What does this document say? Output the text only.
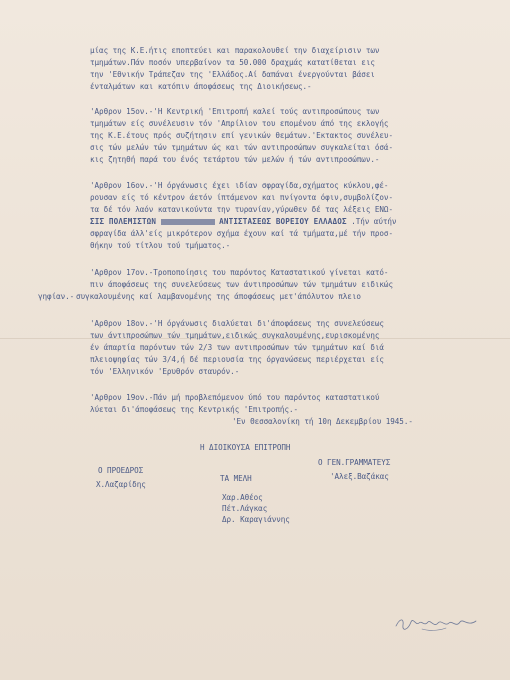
μίας της Κ.Ε.ήτις εποπτεύει και παρακολουθεί την διαχείρισιν των
τμημάτων.Πάν ποσόν υπερβαίνον τα 50.000 δραχμάς κατατίθεται εις
την 'Εθνικήν Τράπεζαν της 'Ελλάδος.Αί δαπάναι ένεργούνται βάσει
ένταλμάτων και κατόπιν άποφάσεως της Διοικήσεως.-
'Αρθρον 15ον.-'Η Κεντρική 'Επιτροπή καλεί τούς αντιπροσώπους των
τμημάτων είς συνέλευσιν τόν 'Απρίλιον του επομένου άπό της εκλογής
της Κ.Ε.έτους πρός συζήτησιν επί γενικών θεμάτων.'Εκτακτος συνέλευ-
σις τών μελών τών τμημάτων ώς και τών αντιπροσώπων συγκαλείται όσά-
κις ζητηθή παρά του ένός τετάρτου τών μελών ή τών αντιπροσώπων.-
'Αρθρον 16ον.-'Η όργάνωσις έχει ιδίαν σφραγίδα,σχήματος κύκλου,φέ-
ρουσαν είς τό κέντρον άετόν ίπτάμενον και πνίγοντα όφιν,συμβολίζον-
τα δέ τόν λαόν κατανικούντα την τυρανίαν,γύρωθεν δέ τας λέξεις ΕΝΩ-
ΣΙΣ ΠΟΛΕΜΙΣΤΩΝ	ΑΝΤΙΣΤΑΣΕΩΣ ΒΟΡΕΙΟΥ ΕΛΛΑΔΟΣ .Τήν αύτήν
σφραγίδα άλλ'είς μικρότερον σχήμα έχουν καί τά τμήματα,μέ τήν προσ-
θήκην τού τίτλου τού τμήματος.-
'Αρθρον 17ον.-Τροποποίησις του παρόντος Καταστατικού γίνεται κατό-
πιν άποφάσεως της συνελεύσεως των άντιπροσώπων τών τμημάτων ειδικώς
γηφίαν.- συγκαλουμένης καί λαμβανομένης της άποφάσεως μετ'άπόλυτον πλειο
'Αρθρον 18ον.-'Η όργάνωσις διαλύεται δι'άποφάσεως της συνελεύσεως
των άντιπροσώπων τών τμημάτων,ειδικώς συγκαλουμένης,ευρισκομένης
έν άπαρτία παρόντων τών 2/3 των αντιπροσώπων τών τμημάτων καί διά
πλειοψηφίας τών 3/4,ή δέ περιουσία της όργανώσεως περιέρχεται είς
τόν 'Ελληνικόν 'Ερυθρόν σταυρόν.-
'Αρθρον 19ον.-Πάν μή προβλεπόμενον ύπό του παρόντος καταστατικού
λύεται δι'άποφάσεως της Κεντρικής 'Επιτροπής.-
'Εν Θεσσαλονίκη τή 10η Δεκεμβρίου 1945.-
Η ΔΙΟΙΚΟΥΣΑ ΕΠΙΤΡΟΠΗ
Ο ΓΕΝ.ΓΡΑΜΜΑΤΕΥΣ
Ο ΠΡΟΕΔΡΟΣ
'Αλεξ.Βαζάκας
ΤΑ ΜΕΛΗ
Χ.Λαζαρίδης
Χαρ.Αθέος
Πέτ.Λάγκας
Δρ. Καραγιάννης
